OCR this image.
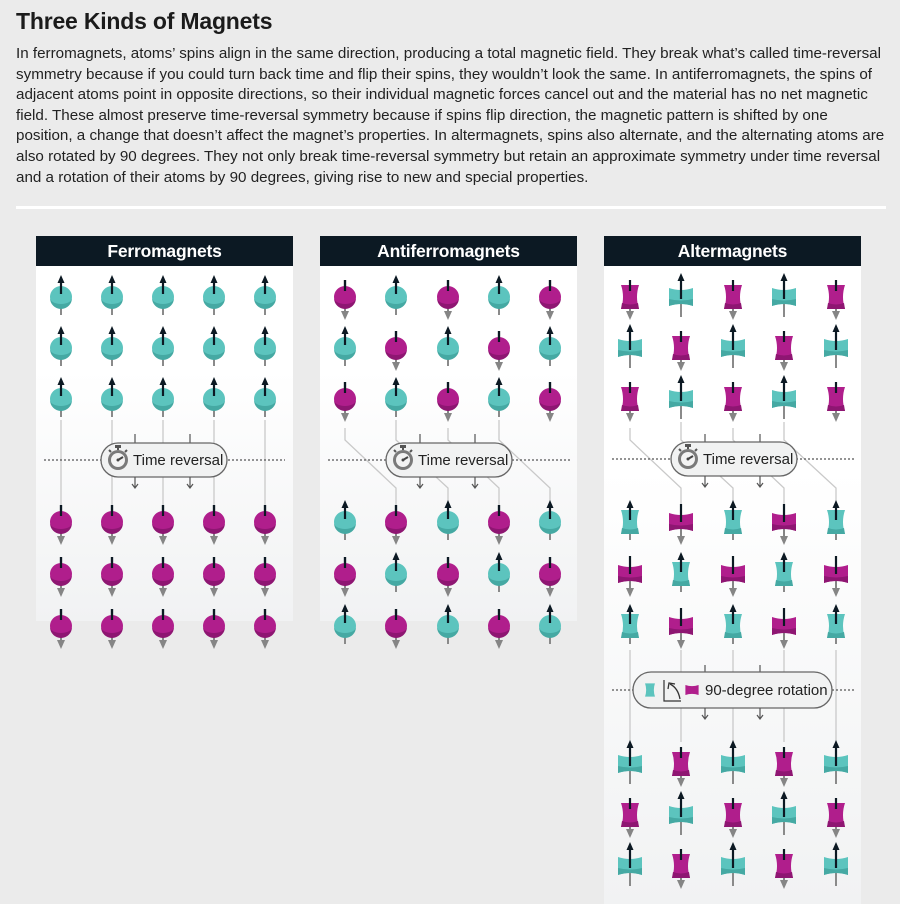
Three Kinds of Magnets
In ferromagnets, atoms’ spins align in the same direction, producing a total magnetic field. They break what’s called time-reversal symmetry because if you could turn back time and flip their spins, they wouldn’t look the same. In antiferromagnets, the spins of adjacent atoms point in opposite directions, so their individual magnetic forces cancel out and the material has no net magnetic field. These almost preserve time-reversal symmetry because if spins flip direction, the magnetic pattern is shifted by one position, a change that doesn’t affect the magnet’s properties. In altermagnets, spins also alternate, and the alternating atoms are also rotated by 90 degrees. They not only break time-reversal symmetry but retain an approximate symmetry under time reversal and a rotation of their atoms by 90 degrees, giving rise to new and special properties.
Ferromagnets	Antiferromagnets	Altermagnets
Time reversal	Time reversal	Time reversal
90-degree rotation
